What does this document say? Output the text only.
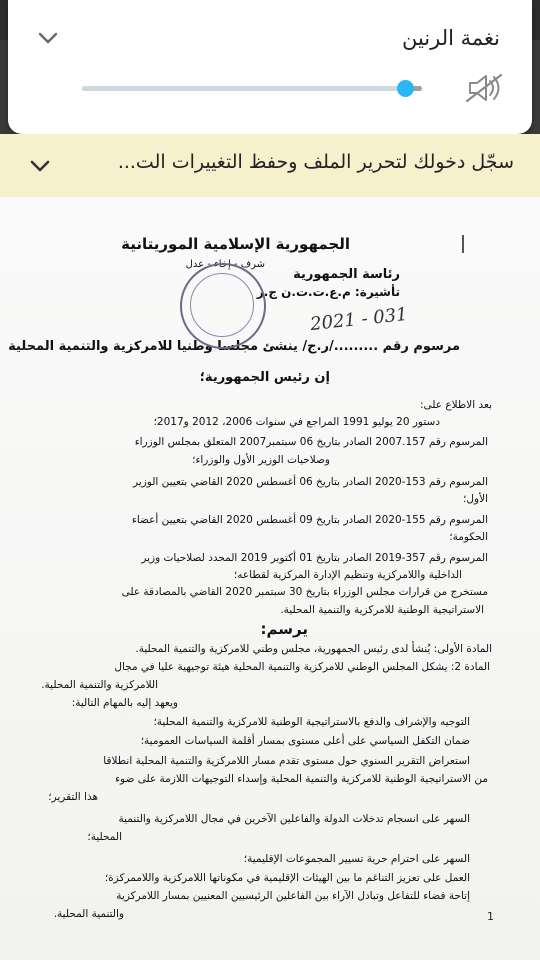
نغمة الرنين
سجّل دخولك لتحرير الملف وحفظ التغييرات الت...
الجمهورية الإسلامية الموريتانية
شرف - إخاء - عدل
رئاسة الجمهورية
تأشيرة: م.ع.ت.ت.ن ج.ر
مرسوم رقم ........./ر.ج/ ينشئ مجلسا وطنيا للامركزية والتنمية المحلية
إن رئيس الجمهورية؛
بعد الاطلاع على:
دستور 20 يوليو 1991 المراجع في سنوات 2006، 2012 و2017؛
المرسوم رقم 2007.157 الصادر بتاريخ 06 سبتمبر2007 المتعلق بمجلس الوزراء
وصلاحيات الوزير الأول والوزراء؛
المرسوم رقم 153-2020 الصادر بتاريخ 06 أغسطس 2020 القاضي بتعيين الوزير
الأول؛
المرسوم رقم 155-2020 الصادر بتاريخ 09 أغسطس 2020 القاضي بتعيين أعضاء
الحكومة؛
المرسوم رقم 357-2019 الصادر بتاريخ 01 أكتوبر 2019 المحدد لصلاحيات وزير
الداخلية واللامركزية وتنظيم الإدارة المركزية لقطاعه؛
مستخرج من قرارات مجلس الوزراء بتاريخ 30 سبتمبر 2020 القاضي بالمصادقة على
الاستراتيجية الوطنية للامركزية والتنمية المحلية.
يرسم:
المادة الأولى: يُنشأ لدى رئيس الجمهورية، مجلس وطني للامركزية والتنمية المحلية.
المادة 2: يشكل المجلس الوطني للامركزية والتنمية المحلية هيئة توجيهية عليا في مجال
اللامركزية والتنمية المحلية.
ويعهد إليه بالمهام التالية:
التوجيه والإشراف والدفع بالاستراتيجية الوطنية للامركزية والتنمية المحلية؛
ضمان التكفل السياسي على أعلى مستوى بمسار أقلمة السياسات العمومية؛
استعراض التقرير السنوي حول مستوى تقدم مسار اللامركزية والتنمية المحلية انطلاقا
من الاستراتيجية الوطنية للامركزية والتنمية المحلية وإسداء التوجيهات اللازمة على ضوء
هذا التقرير؛
السهر على انسجام تدخلات الدولة والفاعلين الآخرين في مجال اللامركزية والتنمية
المحلية؛
السهر على احترام حرية تسيير المجموعات الإقليمية؛
العمل على تعزيز التناغم ما بين الهيئات الإقليمية في مكوناتها اللامركزية واللاممركزة؛
إتاحة فضاء للتفاعل وتبادل الآراء بين الفاعلين الرئيسيين المعنيين بمسار اللامركزية
والتنمية المحلية.
2021 - 031
1
